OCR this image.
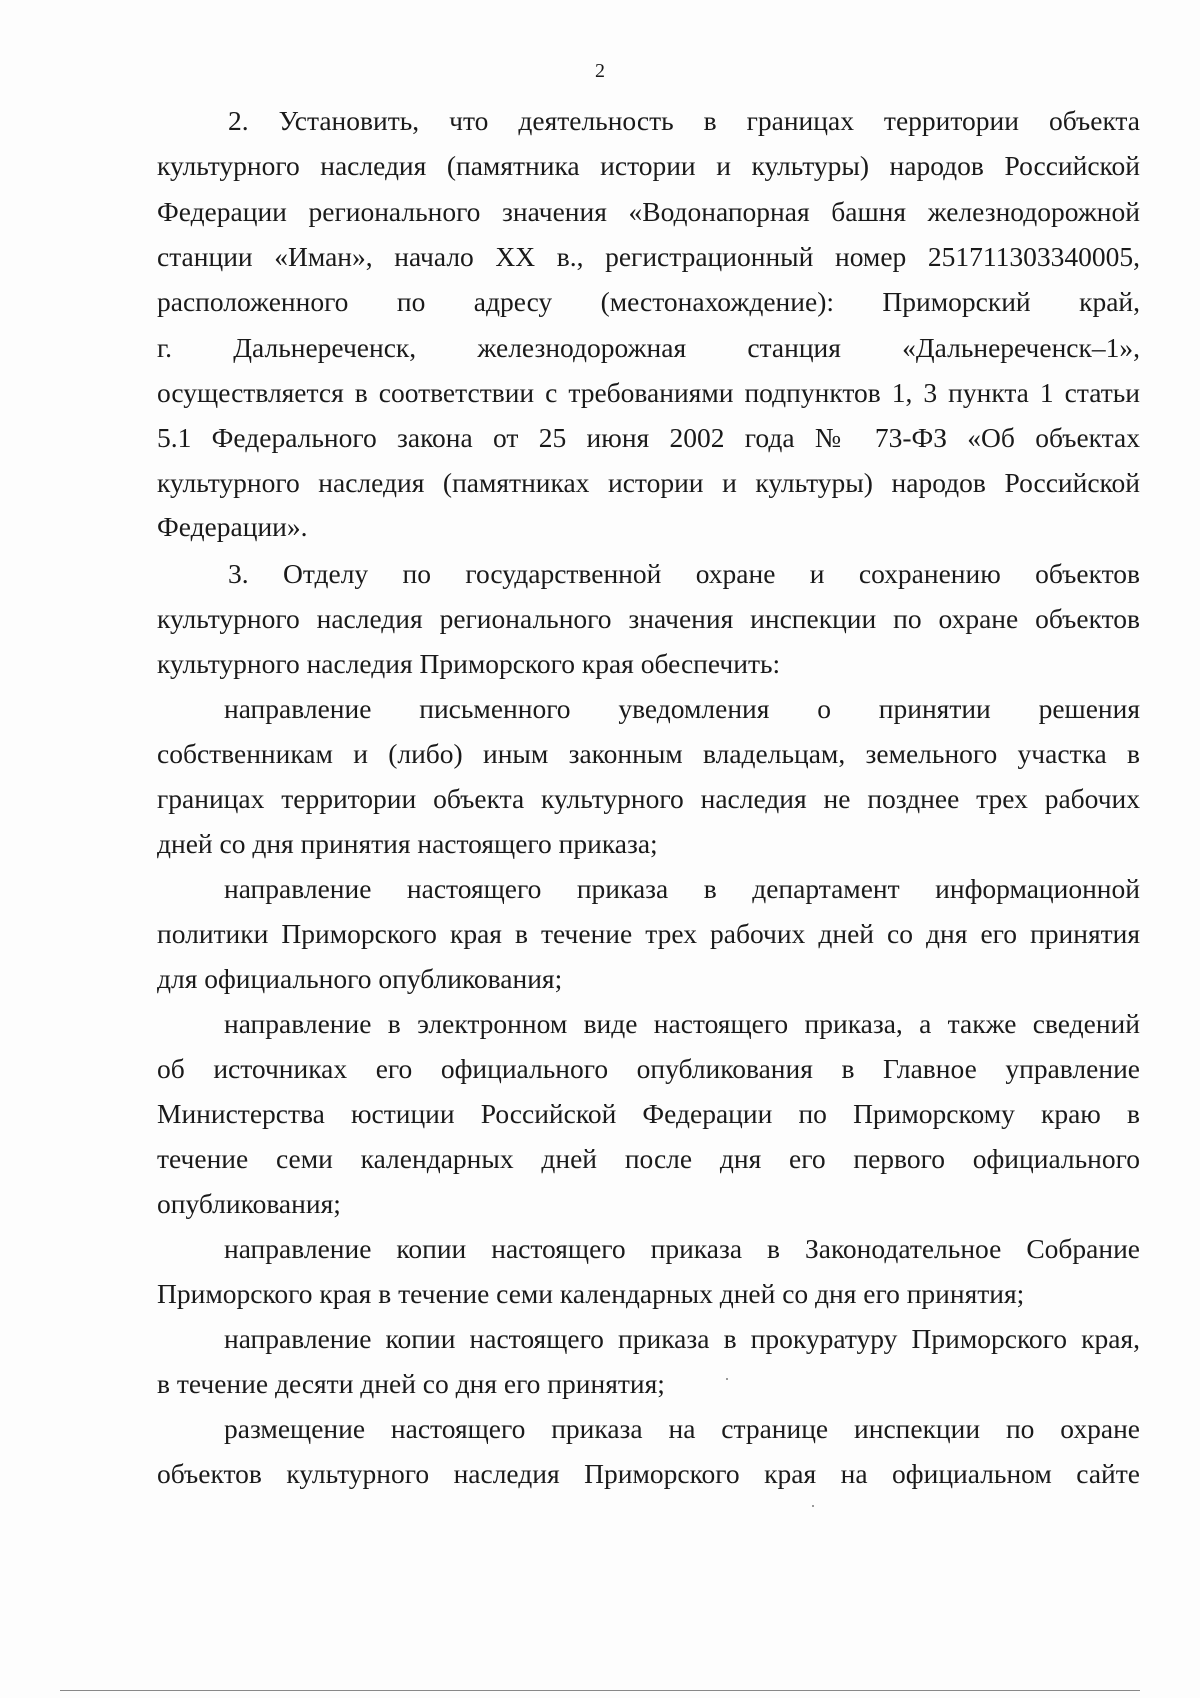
2
2. Установить, что деятельность в границах территории объекта
культурного наследия (памятника истории и культуры) народов Российской
Федерации регионального значения «Водонапорная башня железнодорожной
станции «Иман», начало XX в., регистрационный номер 251711303340005,
расположенного по адресу (местонахождение): Приморский край,
г. Дальнереченск, железнодорожная станция «Дальнереченск–1»,
осуществляется в соответствии с требованиями подпунктов 1, 3 пункта 1 статьи
5.1 Федерального закона от 25 июня 2002 года № 73-ФЗ «Об объектах
культурного наследия (памятниках истории и культуры) народов Российской
Федерации».
3. Отделу по государственной охране и сохранению объектов
культурного наследия регионального значения инспекции по охране объектов
культурного наследия Приморского края обеспечить:
направление письменного уведомления о принятии решения
собственникам и (либо) иным законным владельцам, земельного участка в
границах территории объекта культурного наследия не позднее трех рабочих
дней со дня принятия настоящего приказа;
направление настоящего приказа в департамент информационной
политики Приморского края в течение трех рабочих дней со дня его принятия
для официального опубликования;
направление в электронном виде настоящего приказа, а также сведений
об источниках его официального опубликования в Главное управление
Министерства юстиции Российской Федерации по Приморскому краю в
течение семи календарных дней после дня его первого официального
опубликования;
направление копии настоящего приказа в Законодательное Собрание
Приморского края в течение семи календарных дней со дня его принятия;
направление копии настоящего приказа в прокуратуру Приморского края,
в течение десяти дней со дня его принятия;
размещение настоящего приказа на странице инспекции по охране
объектов культурного наследия Приморского края на официальном сайте
